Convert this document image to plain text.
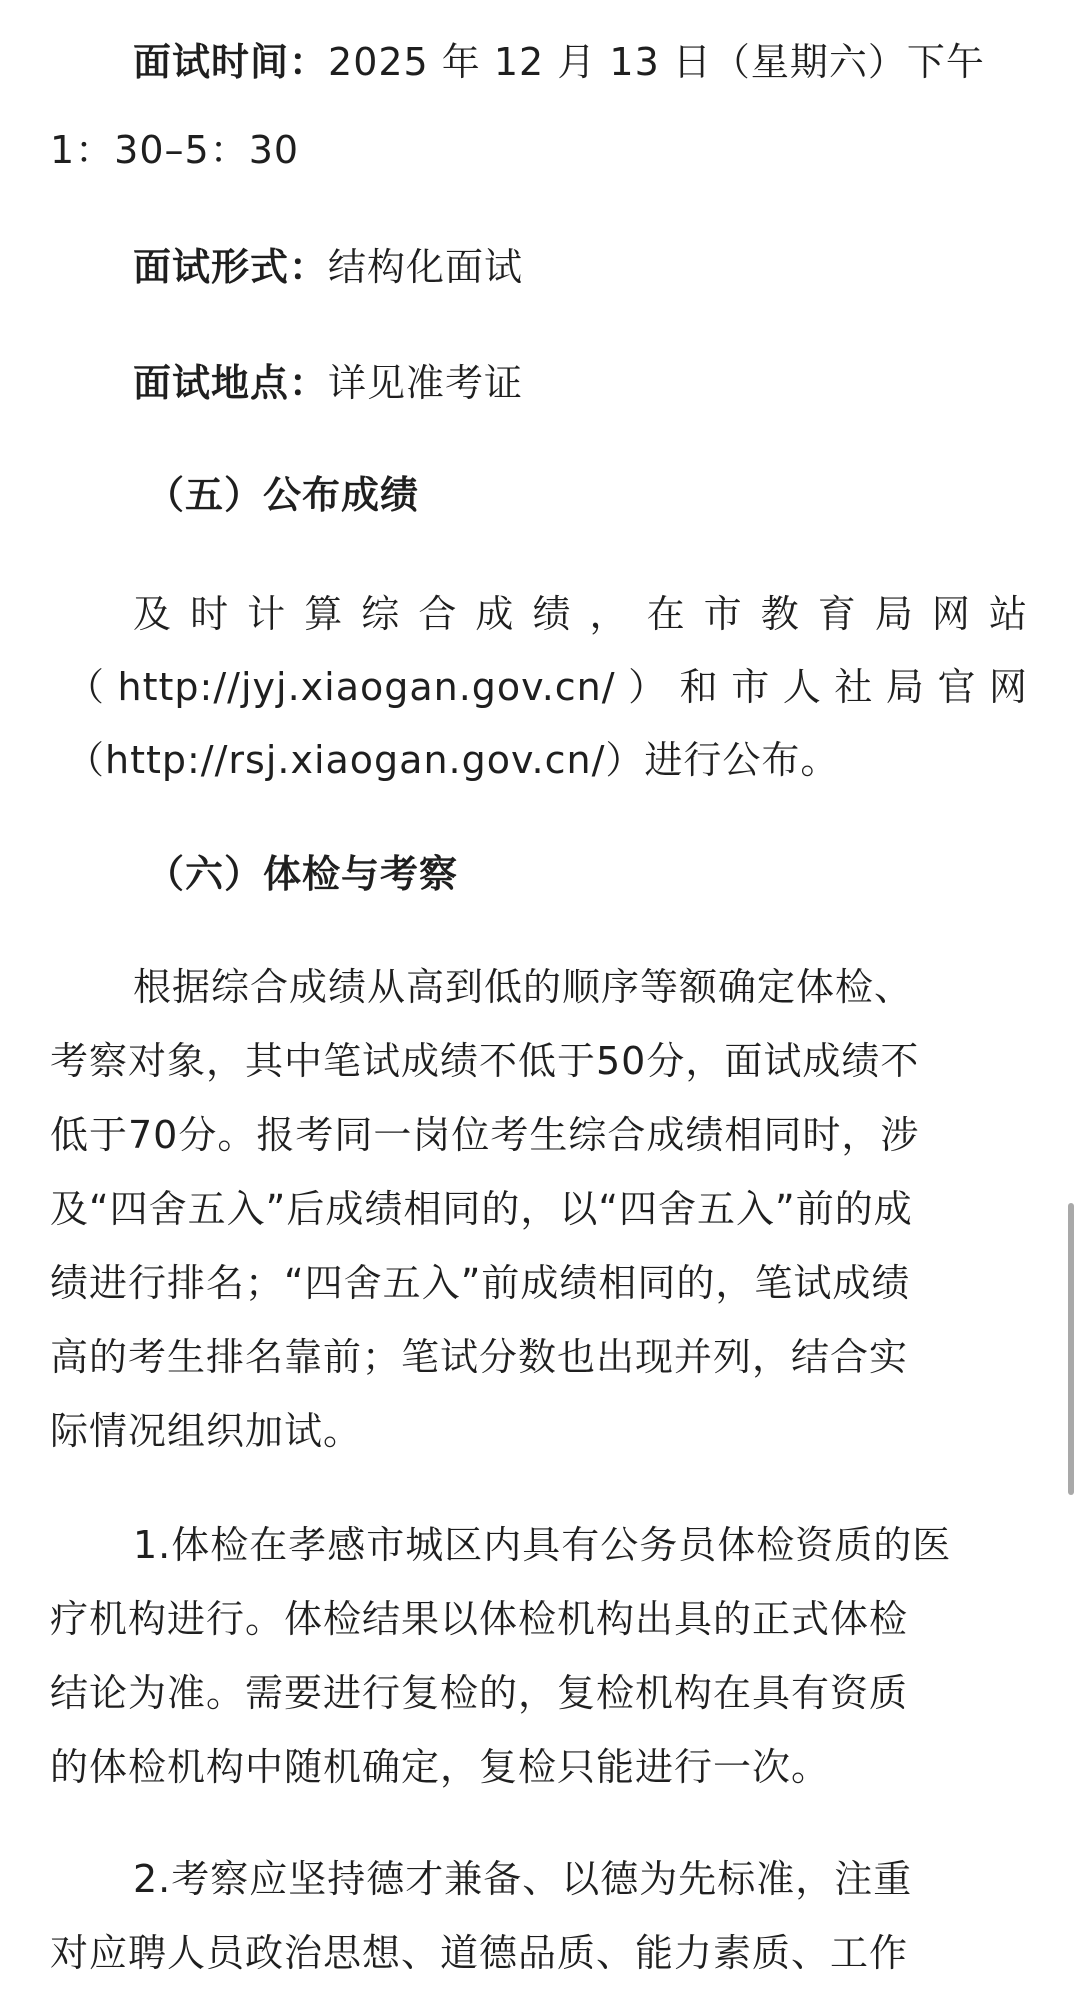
面试时间：2025 年 12 月 13 日（星期六）下午

1：30–5：30

面试形式：结构化面试

面试地点：详见准考证

（五）公布成绩

及时计算综合成绩，在市教育局网站

（http://jyj.xiaogan.gov.cn/）和市人社局官网

（http://rsj.xiaogan.gov.cn/）进行公布。

（六）体检与考察

根据综合成绩从高到低的顺序等额确定体检、

考察对象，其中笔试成绩不低于50分，面试成绩不

低于70分。报考同一岗位考生综合成绩相同时，涉

及“四舍五入”后成绩相同的，以“四舍五入”前的成

绩进行排名；“四舍五入”前成绩相同的，笔试成绩

高的考生排名靠前；笔试分数也出现并列，结合实

际情况组织加试。

1.体检在孝感市城区内具有公务员体检资质的医

疗机构进行。体检结果以体检机构出具的正式体检

结论为准。需要进行复检的，复检机构在具有资质

的体检机构中随机确定，复检只能进行一次。

2.考察应坚持德才兼备、以德为先标准，注重

对应聘人员政治思想、道德品质、能力素质、工作
